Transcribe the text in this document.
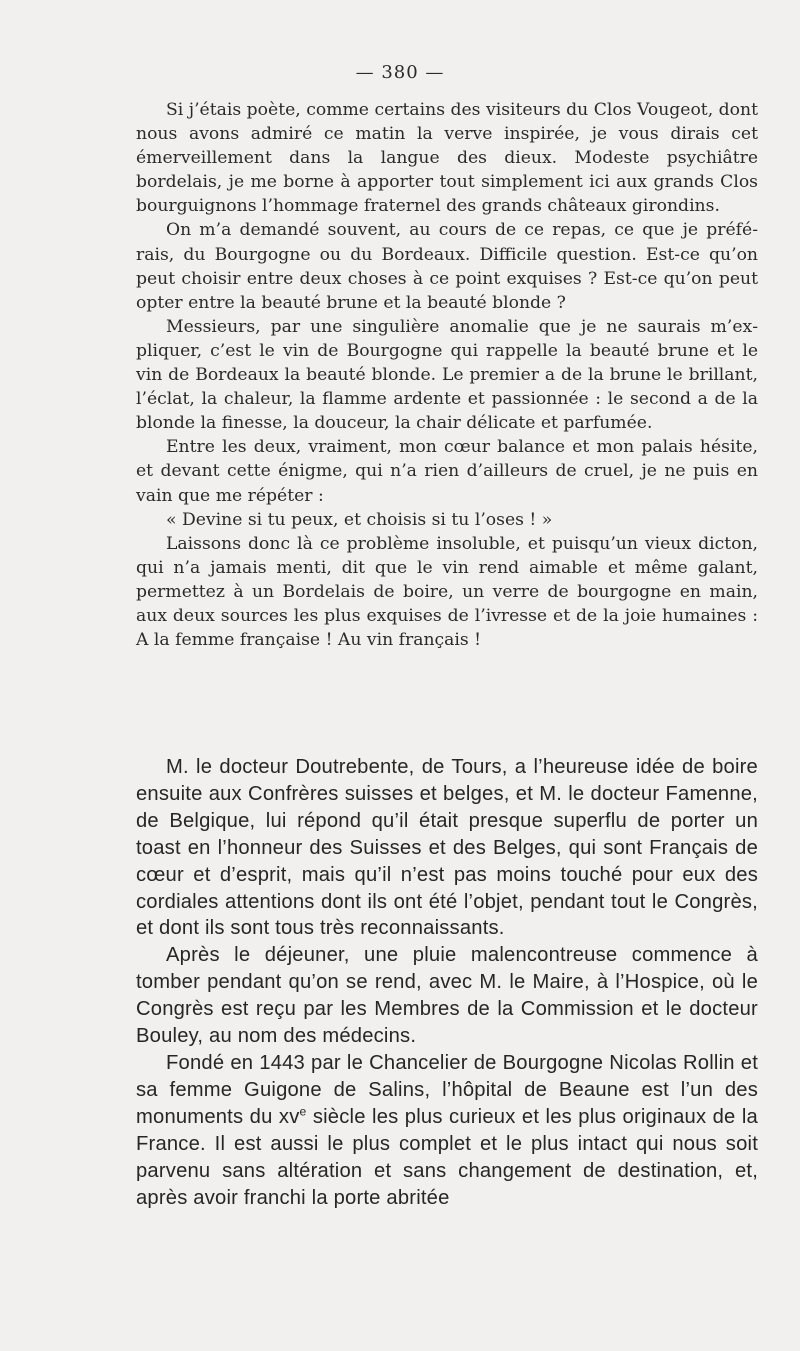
— 380 —

Si j’étais poète, comme certains des visiteurs du Clos Vougeot, dont nous avons admiré ce matin la verve inspirée, je vous dirais cet émerveillement dans la langue des dieux. Modeste psychiâtre bordelais, je me borne à apporter tout simplement ici aux grands Clos bourguignons l’hommage fraternel des grands châteaux girondins.

On m’a demandé souvent, au cours de ce repas, ce que je préférais, du Bourgogne ou du Bordeaux. Difficile question. Est-ce qu’on peut choisir entre deux choses à ce point exquises ? Est-ce qu’on peut opter entre la beauté brune et la beauté blonde ?

Messieurs, par une singulière anomalie que je ne saurais m’expliquer, c’est le vin de Bourgogne qui rappelle la beauté brune et le vin de Bordeaux la beauté blonde. Le premier a de la brune le brillant, l’éclat, la chaleur, la flamme ardente et passionnée : le second a de la blonde la finesse, la douceur, la chair délicate et parfumée.

Entre les deux, vraiment, mon cœur balance et mon palais hésite, et devant cette énigme, qui n’a rien d’ailleurs de cruel, je ne puis en vain que me répéter :

« Devine si tu peux, et choisis si tu l’oses ! »

Laissons donc là ce problème insoluble, et puisqu’un vieux dicton, qui n’a jamais menti, dit que le vin rend aimable et même galant, permettez à un Bordelais de boire, un verre de bourgogne en main, aux deux sources les plus exquises de l’ivresse et de la joie humaines : A la femme française ! Au vin français !

M. le docteur Doutrebente, de Tours, a l’heureuse idée de boire ensuite aux Confrères suisses et belges, et M. le docteur Famenne, de Belgique, lui répond qu’il était presque superflu de porter un toast en l’honneur des Suisses et des Belges, qui sont Français de cœur et d’esprit, mais qu’il n’est pas moins touché pour eux des cordiales attentions dont ils ont été l’objet, pendant tout le Congrès, et dont ils sont tous très reconnaissants.

Après le déjeuner, une pluie malencontreuse commence à tomber pendant qu’on se rend, avec M. le Maire, à l’Hospice, où le Congrès est reçu par les Membres de la Commission et le docteur Bouley, au nom des médecins.

Fondé en 1443 par le Chancelier de Bourgogne Nicolas Rollin et sa femme Guigone de Salins, l’hôpital de Beaune est l’un des monuments du $xv^e$ siècle les plus curieux et les plus originaux de la France. Il est aussi le plus complet et le plus intact qui nous soit parvenu sans altération et sans changement de destination, et, après avoir franchi la porte abritée
